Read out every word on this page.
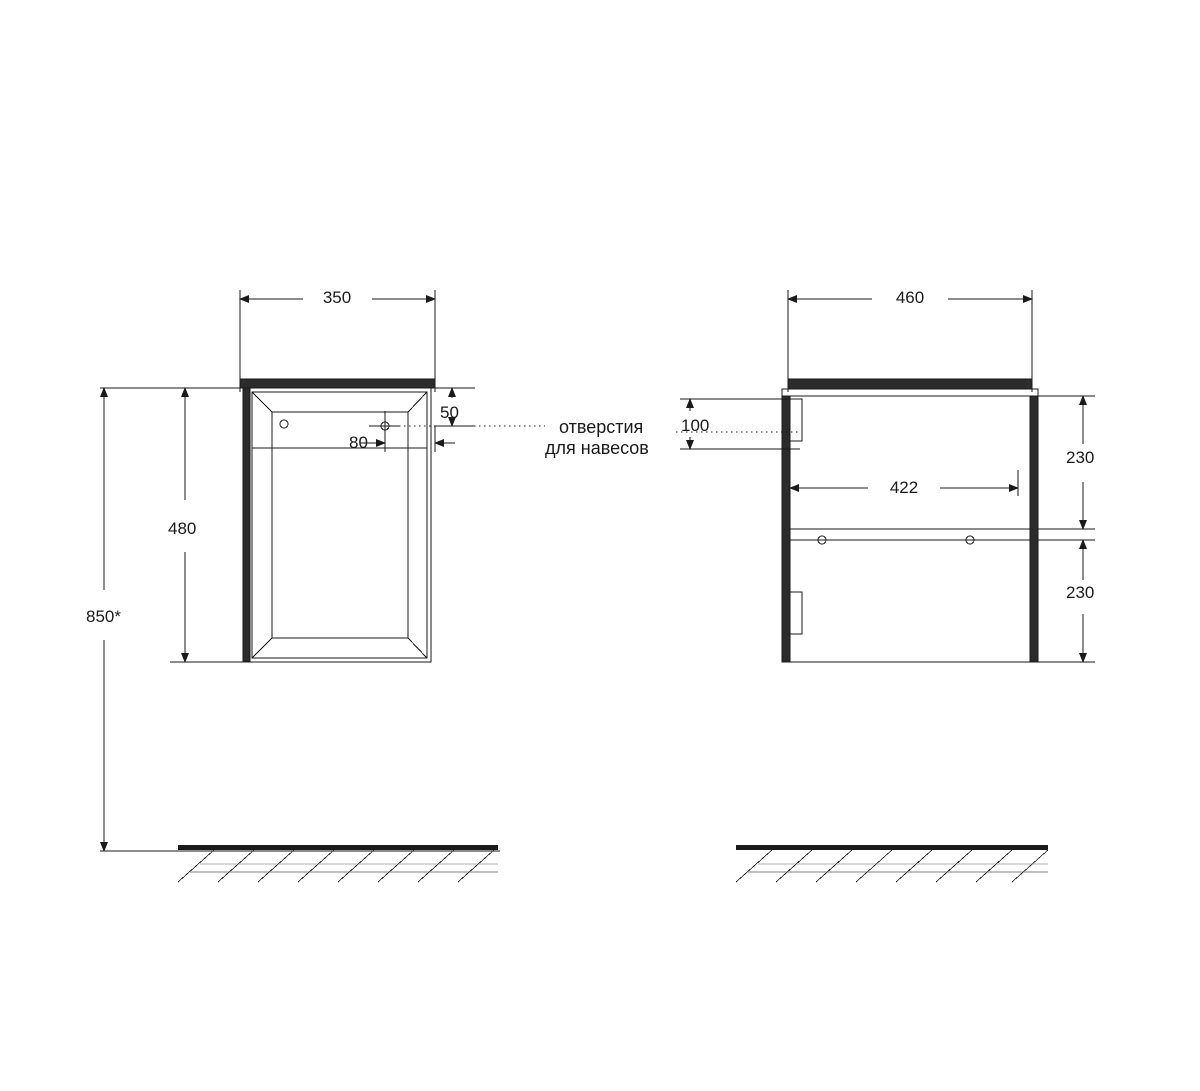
350	460
50
80
100
422
230
230
480
850*
отверстия
для навесов
